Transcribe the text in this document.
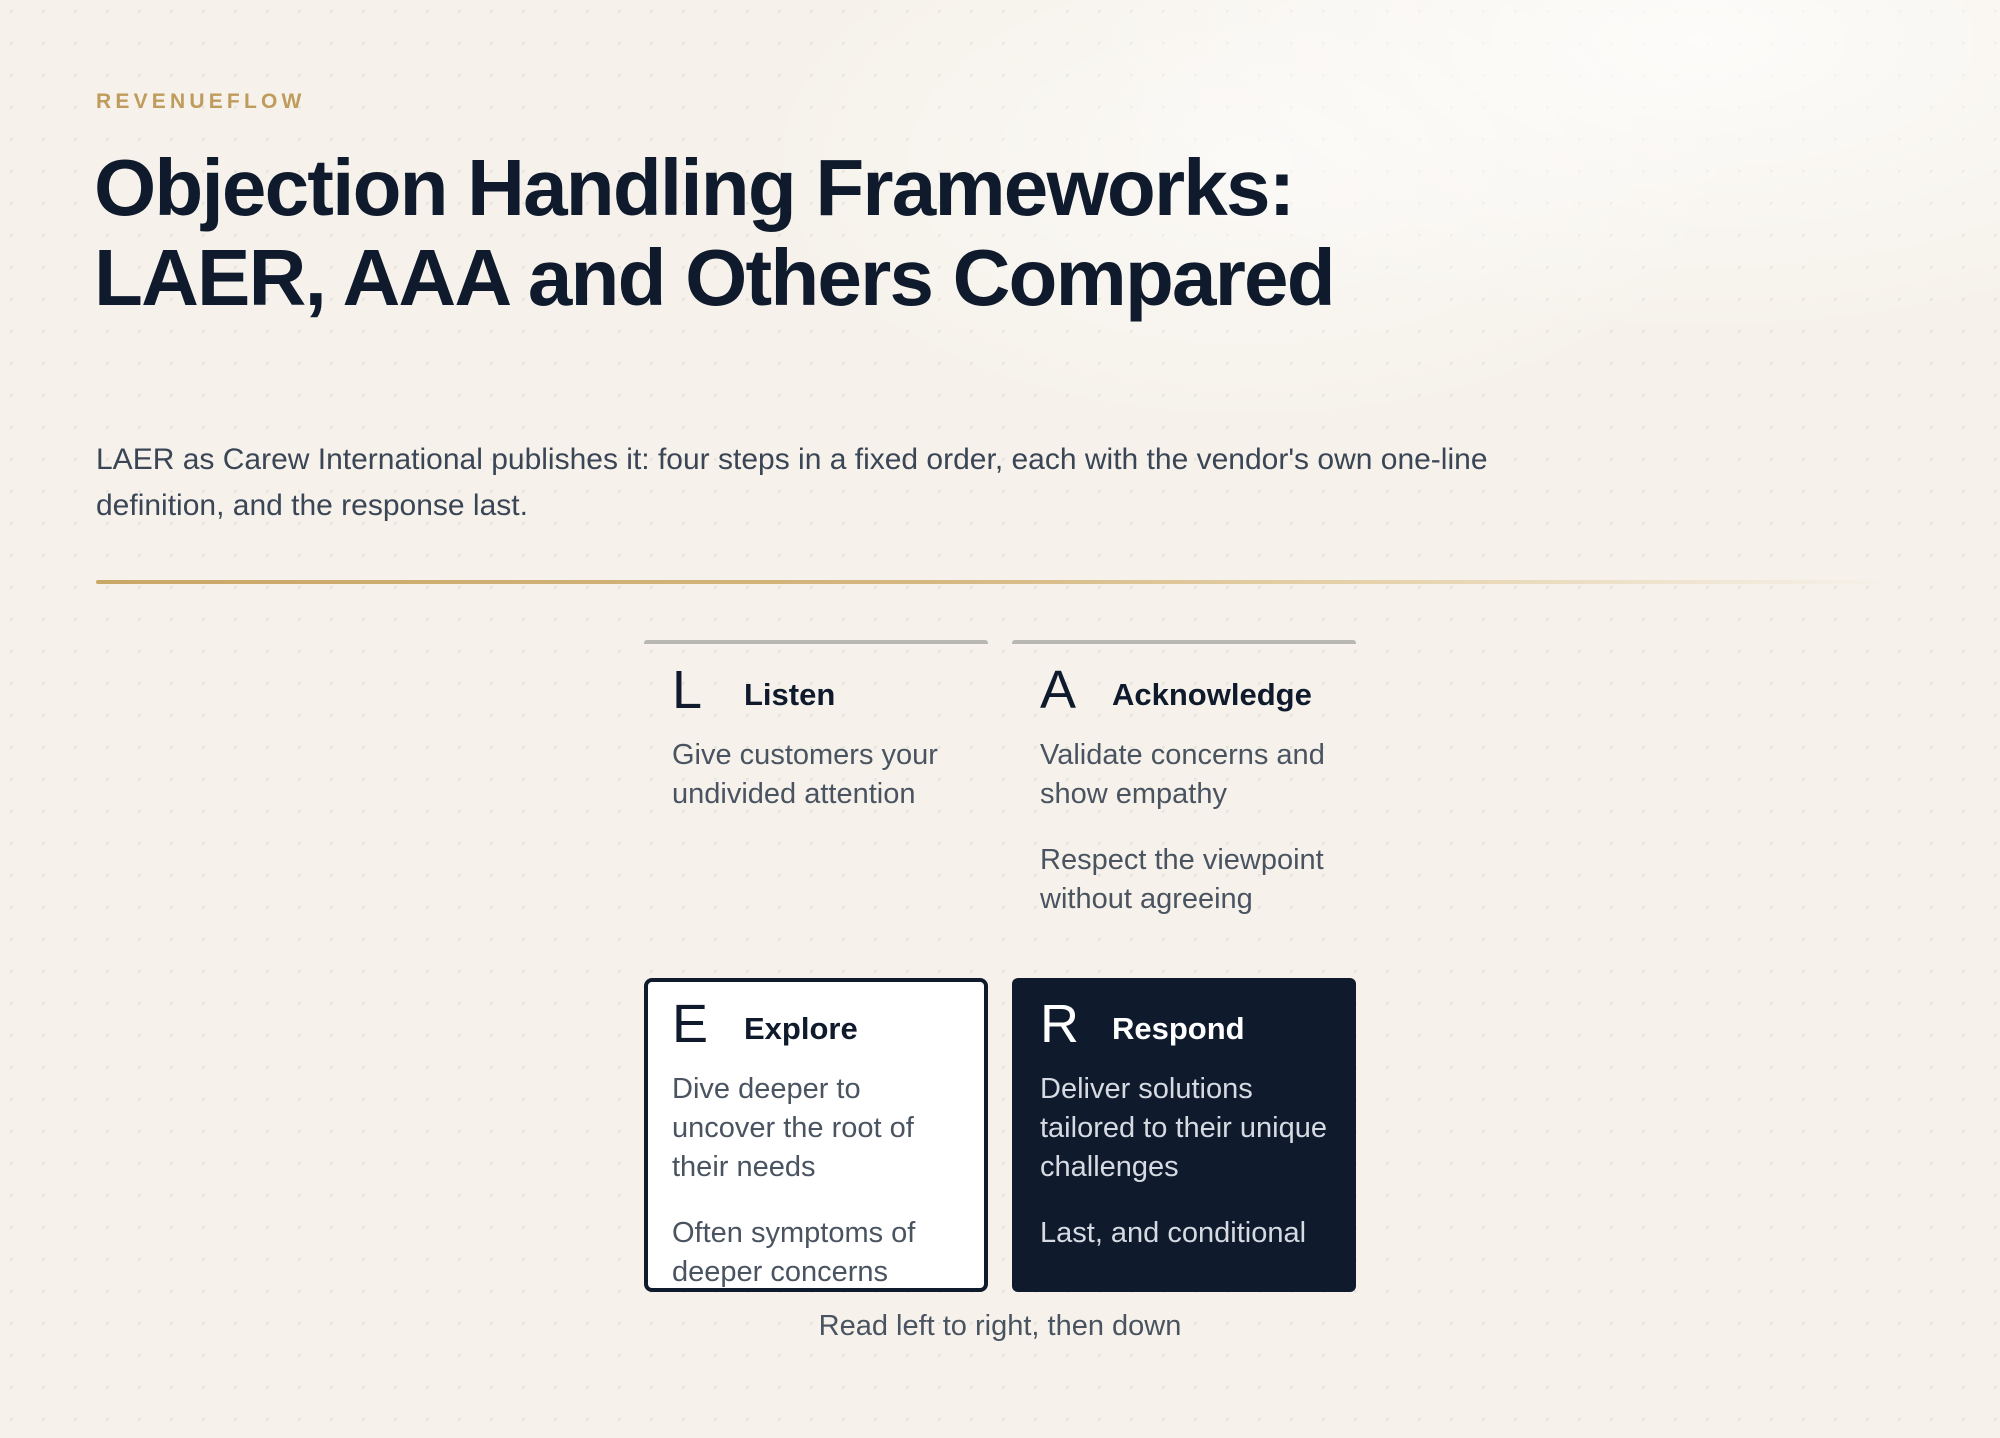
REVENUEFLOW
Objection Handling Frameworks: LAER, AAA and Others Compared

LAER as Carew International publishes it: four steps in a fixed order, each with the vendor's own one-line definition, and the response last.

L	Listen

Give customers your undivided attention

A	Acknowledge

Validate concerns and show empathy

Respect the viewpoint without agreeing

E	Explore

Dive deeper to uncover the root of their needs

Often symptoms of deeper concerns

R	Respond

Deliver solutions tailored to their unique challenges

Last, and conditional

Read left to right, then down
